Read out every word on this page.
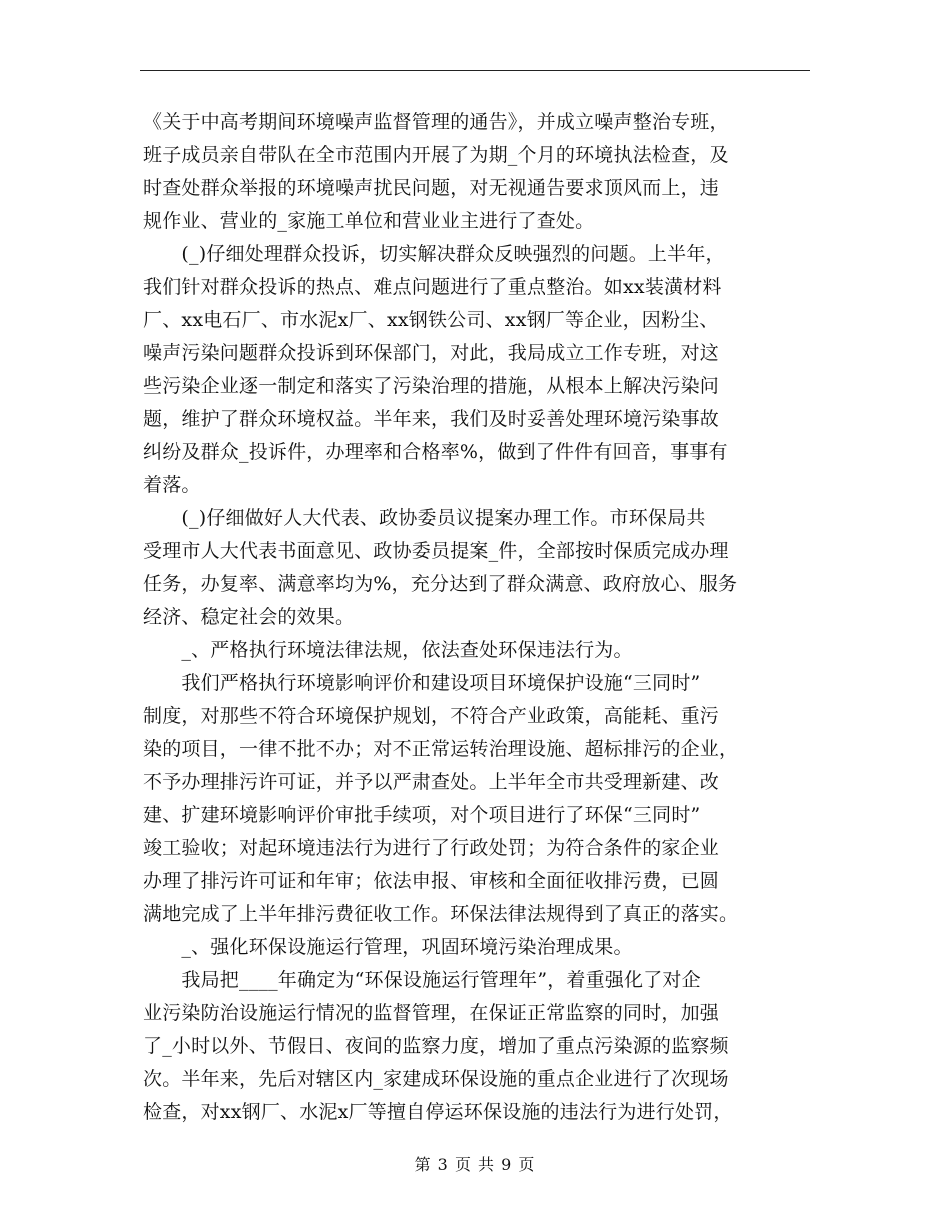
《关于中高考期间环境噪声监督管理的通告》，并成立噪声整治专班，
班子成员亲自带队在全市范围内开展了为期_个月的环境执法检查，及
时查处群众举报的环境噪声扰民问题，对无视通告要求顶风而上，违
规作业、营业的_家施工单位和营业业主进行了查处。
　　(_)仔细处理群众投诉，切实解决群众反映强烈的问题。上半年，
我们针对群众投诉的热点、难点问题进行了重点整治。如xx装潢材料
厂、xx电石厂、市水泥x厂、xx钢铁公司、xx钢厂等企业，因粉尘、
噪声污染问题群众投诉到环保部门，对此，我局成立工作专班，对这
些污染企业逐一制定和落实了污染治理的措施，从根本上解决污染问
题，维护了群众环境权益。半年来，我们及时妥善处理环境污染事故
纠纷及群众_投诉件，办理率和合格率%，做到了件件有回音，事事有
着落。
　　(_)仔细做好人大代表、政协委员议提案办理工作。市环保局共
受理市人大代表书面意见、政协委员提案_件，全部按时保质完成办理
任务，办复率、满意率均为%，充分达到了群众满意、政府放心、服务
经济、稳定社会的效果。
　　_、严格执行环境法律法规，依法查处环保违法行为。
　　我们严格执行环境影响评价和建设项目环境保护设施“三同时”
制度，对那些不符合环境保护规划，不符合产业政策，高能耗、重污
染的项目，一律不批不办；对不正常运转治理设施、超标排污的企业，
不予办理排污许可证，并予以严肃查处。上半年全市共受理新建、改
建、扩建环境影响评价审批手续项，对个项目进行了环保“三同时”
竣工验收；对起环境违法行为进行了行政处罚；为符合条件的家企业
办理了排污许可证和年审；依法申报、审核和全面征收排污费，已圆
满地完成了上半年排污费征收工作。环保法律法规得到了真正的落实。
　　_、强化环保设施运行管理，巩固环境污染治理成果。
　　我局把____年确定为“环保设施运行管理年”，着重强化了对企
业污染防治设施运行情况的监督管理，在保证正常监察的同时，加强
了_小时以外、节假日、夜间的监察力度，增加了重点污染源的监察频
次。半年来，先后对辖区内_家建成环保设施的重点企业进行了次现场
检查，对xx钢厂、水泥x厂等擅自停运环保设施的违法行为进行处罚，
第 3 页 共 9 页
